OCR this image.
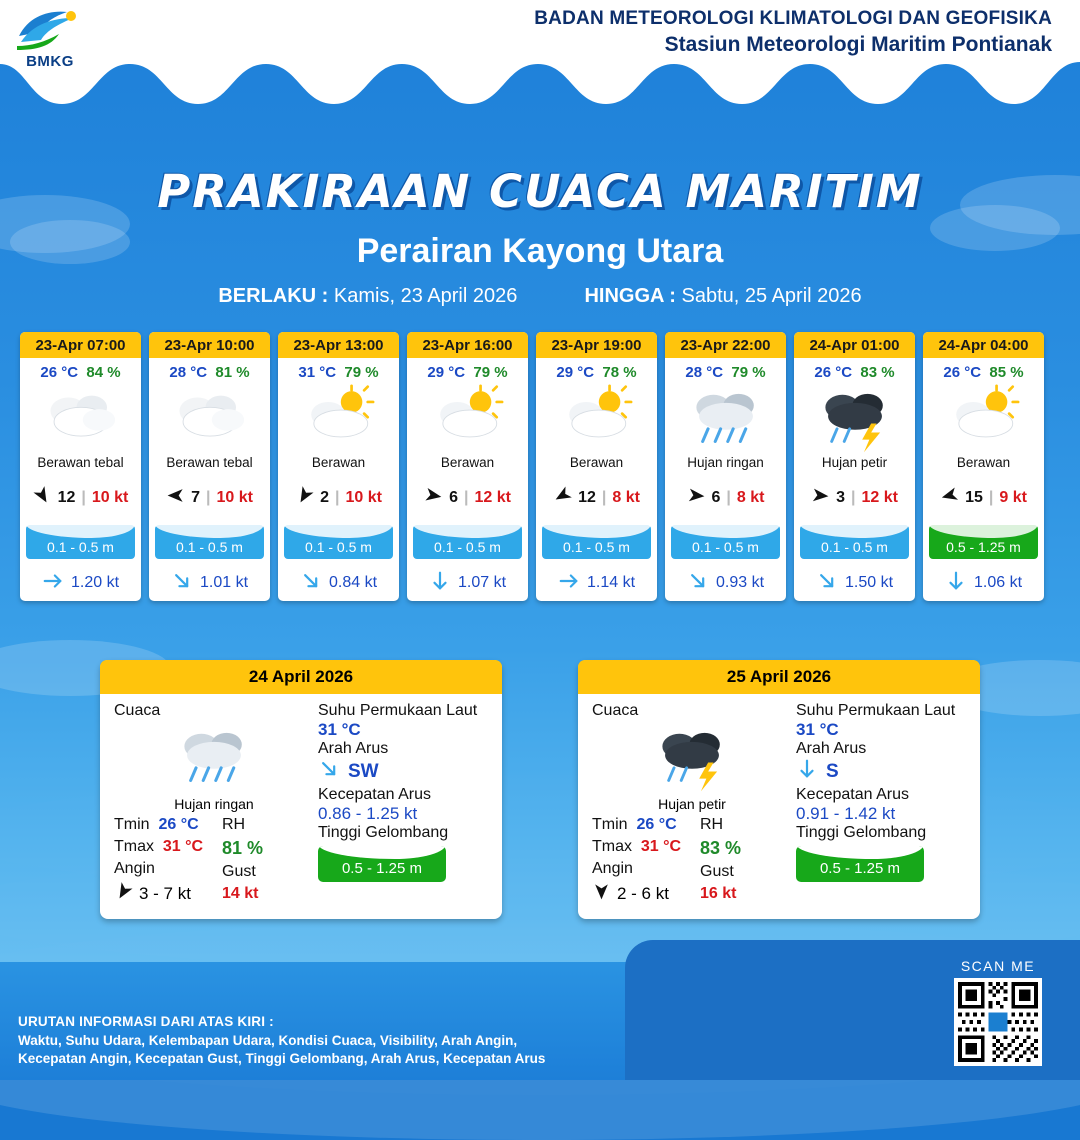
BMKG
BADAN METEOROLOGI KLIMATOLOGI DAN GEOFISIKA
Stasiun Meteorologi Maritim Pontianak
PRAKIRAAN CUACA MARITIM
Perairan Kayong Utara
BERLAKU : Kamis, 23 April 2026	HINGGA : Sabtu, 25 April 2026
23-Apr 07:00
26 °C 84 %
Berawan tebal
12 | 10 kt
0.1 - 0.5 m
1.20 kt
23-Apr 10:00
28 °C 81 %
Berawan tebal
7 | 10 kt
0.1 - 0.5 m
1.01 kt
23-Apr 13:00
31 °C 79 %
Berawan
2 | 10 kt
0.1 - 0.5 m
0.84 kt
23-Apr 16:00
29 °C 79 %
Berawan
6 | 12 kt
0.1 - 0.5 m
1.07 kt
23-Apr 19:00
29 °C 78 %
Berawan
12 | 8 kt
0.1 - 0.5 m
1.14 kt
23-Apr 22:00
28 °C 79 %
Hujan ringan
6 | 8 kt
0.1 - 0.5 m
0.93 kt
24-Apr 01:00
26 °C 83 %
Hujan petir
3 | 12 kt
0.1 - 0.5 m
1.50 kt
24-Apr 04:00
26 °C 85 %
Berawan
15 | 9 kt
0.5 - 1.25 m
1.06 kt
24 April 2026
Cuaca
Hujan ringan
Tmin 26 °C
Tmax 31 °C
Angin
3 - 7 kt
RH
81 %
Gust
14 kt
Suhu Permukaan Laut
31 °C
Arah Arus
SW
Kecepatan Arus
0.86 - 1.25 kt
Tinggi Gelombang
0.5 - 1.25 m
25 April 2026
Cuaca
Hujan petir
Tmin 26 °C
Tmax 31 °C
Angin
2 - 6 kt
RH
83 %
Gust
16 kt
Suhu Permukaan Laut
31 °C
Arah Arus
S
Kecepatan Arus
0.91 - 1.42 kt
Tinggi Gelombang
0.5 - 1.25 m
URUTAN INFORMASI DARI ATAS KIRI :
Waktu, Suhu Udara, Kelembapan Udara, Kondisi Cuaca, Visibility, Arah Angin,
Kecepatan Angin, Kecepatan Gust, Tinggi Gelombang, Arah Arus, Kecepatan Arus
SCAN ME
